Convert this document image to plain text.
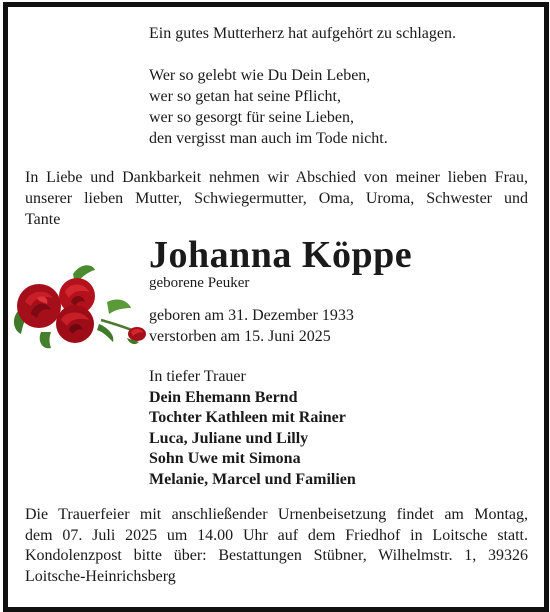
Ein gutes Mutterherz hat aufgehört zu schlagen.

Wer so gelebt wie Du Dein Leben,

wer so getan hat seine Pflicht,

wer so gesorgt für seine Lieben,

den vergisst man auch im Tode nicht.

In Liebe und Dankbarkeit nehmen wir Abschied von meiner lieben Frau,
unserer lieben Mutter, Schwiegermutter, Oma, Uroma, Schwester und
Tante
Johanna Köppe

geborene Peuker

geboren am 31. Dezember 1933

verstorben am 15. Juni 2025

In tiefer Trauer

Dein Ehemann Bernd

Tochter Kathleen mit Rainer

Luca, Juliane und Lilly

Sohn Uwe mit Simona

Melanie, Marcel und Familien

Die Trauerfeier mit anschließender Urnenbeisetzung findet am Montag,
dem 07. Juli 2025 um 14.00 Uhr auf dem Friedhof in Loitsche statt.
Kondolenzpost bitte über: Bestattungen Stübner, Wilhelmstr. 1, 39326
Loitsche-Heinrichsberg
